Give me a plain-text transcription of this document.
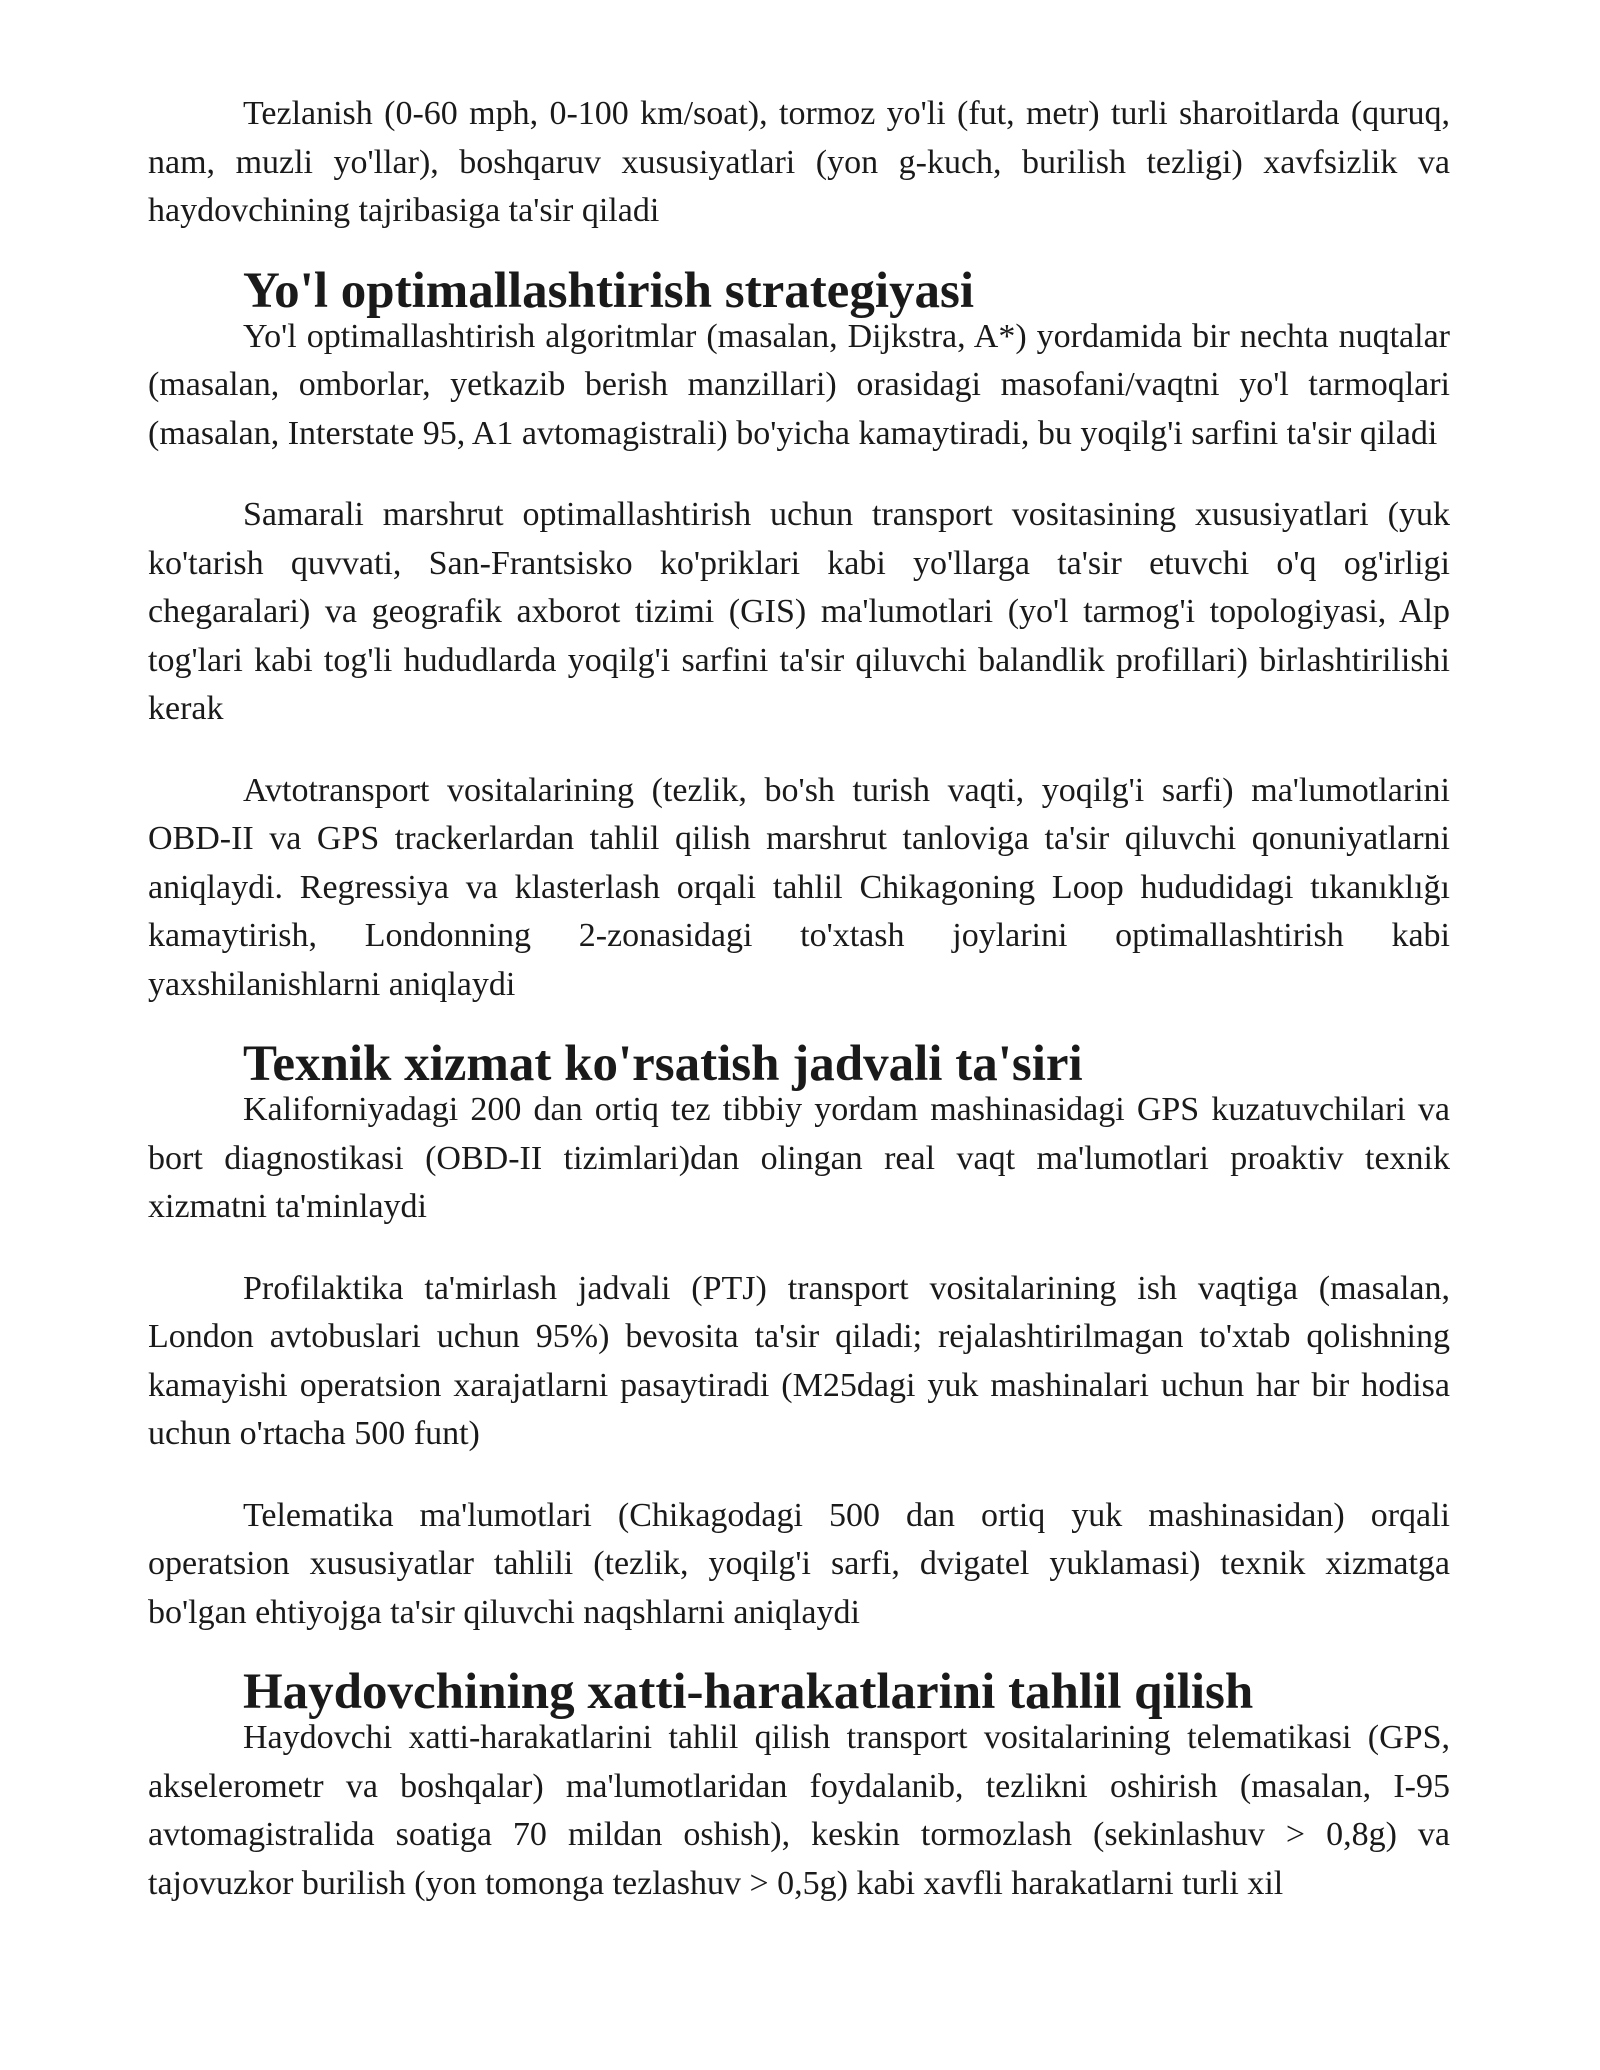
Tezlanish (0-60 mph, 0-100 km/soat), tormoz yo'li (fut, metr) turli sharoitlarda (quruq, nam, muzli yo'llar), boshqaruv xususiyatlari (yon g-kuch, burilish tezligi) xavfsizlik va haydovchining tajribasiga ta'sir qiladi

Yo'l optimallashtirish strategiyasi

Yo'l optimallashtirish algoritmlar (masalan, Dijkstra, A*) yordamida bir nechta nuqtalar (masalan, omborlar, yetkazib berish manzillari) orasidagi masofani/vaqtni yo'l tarmoqlari (masalan, Interstate 95, A1 avtomagistrali) bo'yicha kamaytiradi, bu yoqilg'i sarfini ta'sir qiladi

Samarali marshrut optimallashtirish uchun transport vositasining xususiyatlari (yuk ko'tarish quvvati, San-Frantsisko ko'priklari kabi yo'llarga ta'sir etuvchi o'q og'irligi chegaralari) va geografik axborot tizimi (GIS) ma'lumotlari (yo'l tarmog'i topologiyasi, Alp tog'lari kabi tog'li hududlarda yoqilg'i sarfini ta'sir qiluvchi balandlik profillari) birlashtirilishi kerak

Avtotransport vositalarining (tezlik, bo'sh turish vaqti, yoqilg'i sarfi) ma'lumotlarini OBD-II va GPS trackerlardan tahlil qilish marshrut tanloviga ta'sir qiluvchi qonuniyatlarni aniqlaydi. Regressiya va klasterlash orqali tahlil Chikagoning Loop hududidagi tıkanıklığı kamaytirish, Londonning 2-zonasidagi to'xtash joylarini optimallashtirish kabi yaxshilanishlarni aniqlaydi

Texnik xizmat ko'rsatish jadvali ta'siri

Kaliforniyadagi 200 dan ortiq tez tibbiy yordam mashinasidagi GPS kuzatuvchilari va bort diagnostikasi (OBD-II tizimlari)dan olingan real vaqt ma'lumotlari proaktiv texnik xizmatni ta'minlaydi

Profilaktika ta'mirlash jadvali (PTJ) transport vositalarining ish vaqtiga (masalan, London avtobuslari uchun 95%) bevosita ta'sir qiladi; rejalashtirilmagan to'xtab qolishning kamayishi operatsion xarajatlarni pasaytiradi (M25dagi yuk mashinalari uchun har bir hodisa uchun o'rtacha 500 funt)

Telematika ma'lumotlari (Chikagodagi 500 dan ortiq yuk mashinasidan) orqali operatsion xususiyatlar tahlili (tezlik, yoqilg'i sarfi, dvigatel yuklamasi) texnik xizmatga bo'lgan ehtiyojga ta'sir qiluvchi naqshlarni aniqlaydi

Haydovchining xatti-harakatlarini tahlil qilish

Haydovchi xatti-harakatlarini tahlil qilish transport vositalarining telematikasi (GPS, akselerometr va boshqalar) ma'lumotlaridan foydalanib, tezlikni oshirish (masalan, I-95 avtomagistralida soatiga 70 mildan oshish), keskin tormozlash (sekinlashuv > 0,8g) va tajovuzkor burilish (yon tomonga tezlashuv > 0,5g) kabi xavfli harakatlarni turli xil
